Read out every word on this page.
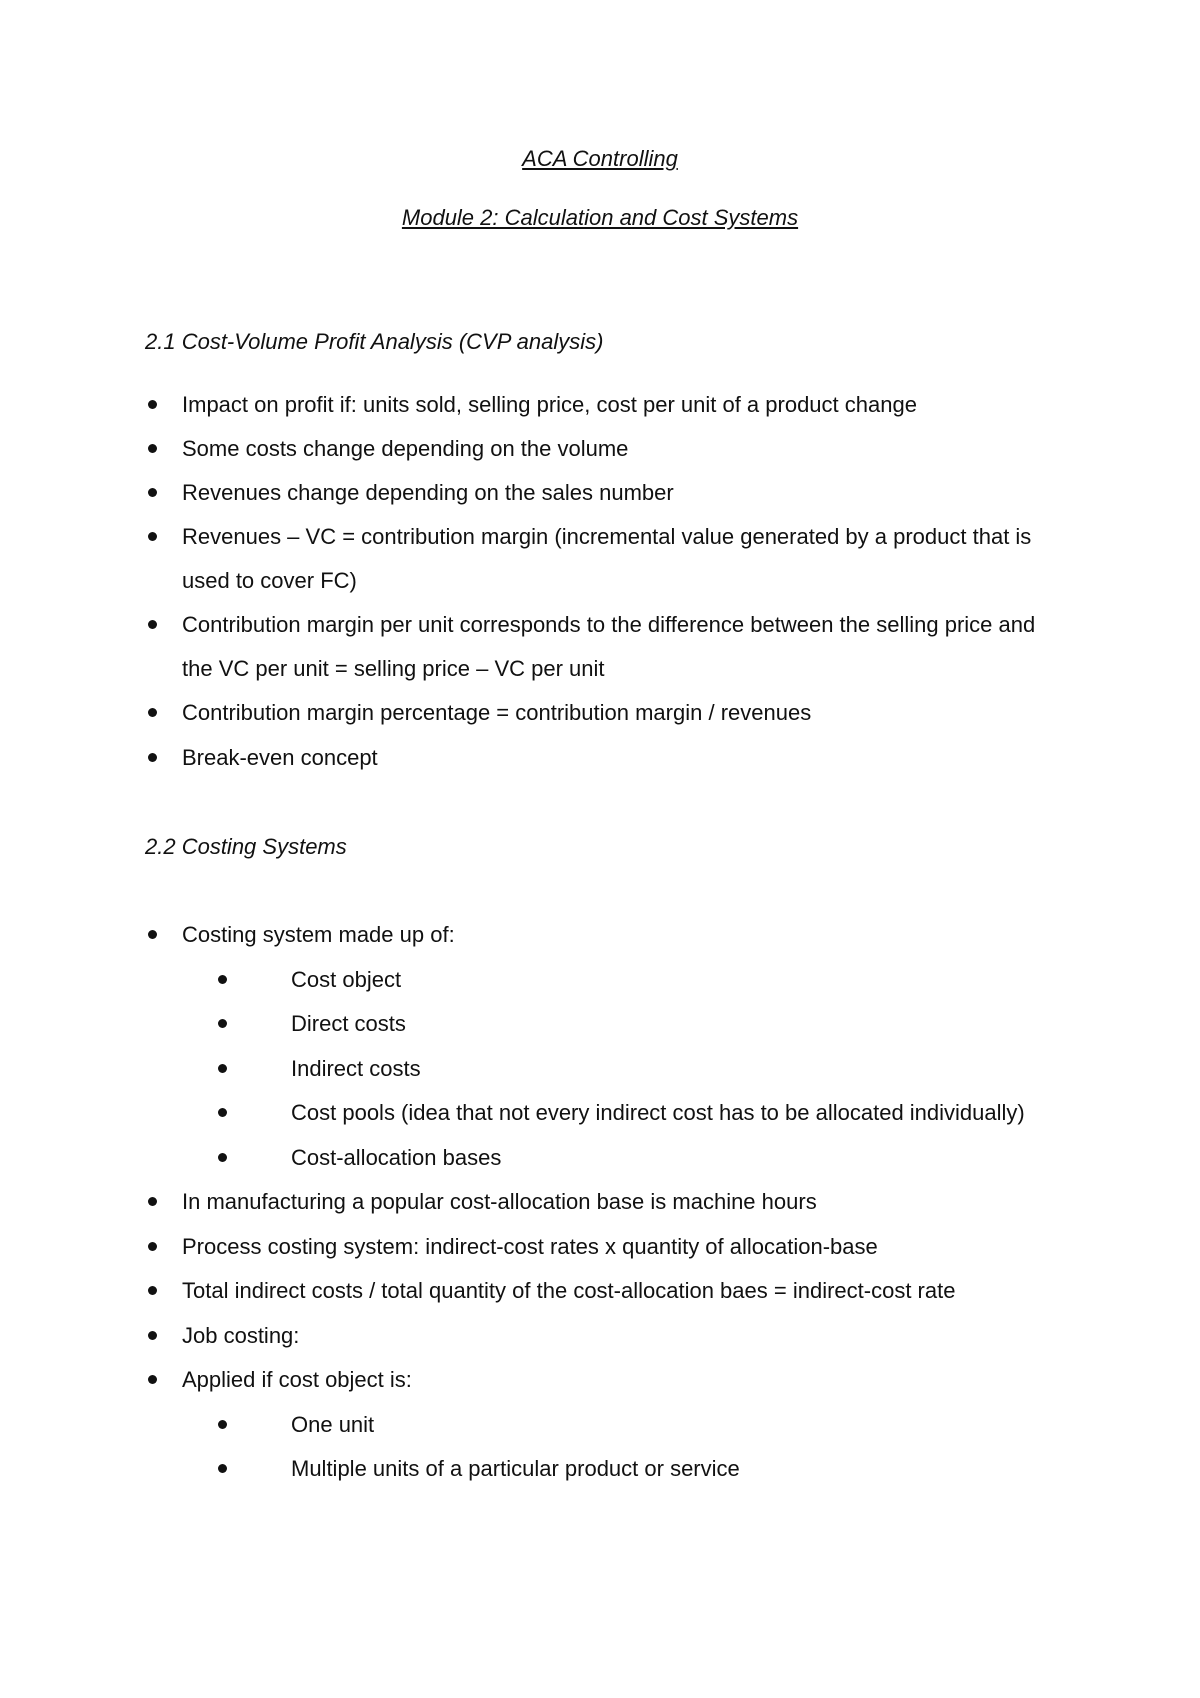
ACA Controlling
Module 2: Calculation and Cost Systems
2.1 Cost-Volume Profit Analysis (CVP analysis)
Impact on profit if: units sold, selling price, cost per unit of a product change
Some costs change depending on the volume
Revenues change depending on the sales number
Revenues – VC = contribution margin (incremental value generated by a product that is
used to cover FC)
Contribution margin per unit corresponds to the difference between the selling price and
the VC per unit = selling price – VC per unit
Contribution margin percentage = contribution margin / revenues
Break-even concept
2.2 Costing Systems
Costing system made up of:
Cost object
Direct costs
Indirect costs
Cost pools (idea that not every indirect cost has to be allocated individually)
Cost-allocation bases
In manufacturing a popular cost-allocation base is machine hours
Process costing system: indirect-cost rates x quantity of allocation-base
Total indirect costs / total quantity of the cost-allocation baes = indirect-cost rate
Job costing:
Applied if cost object is:
One unit
Multiple units of a particular product or service
